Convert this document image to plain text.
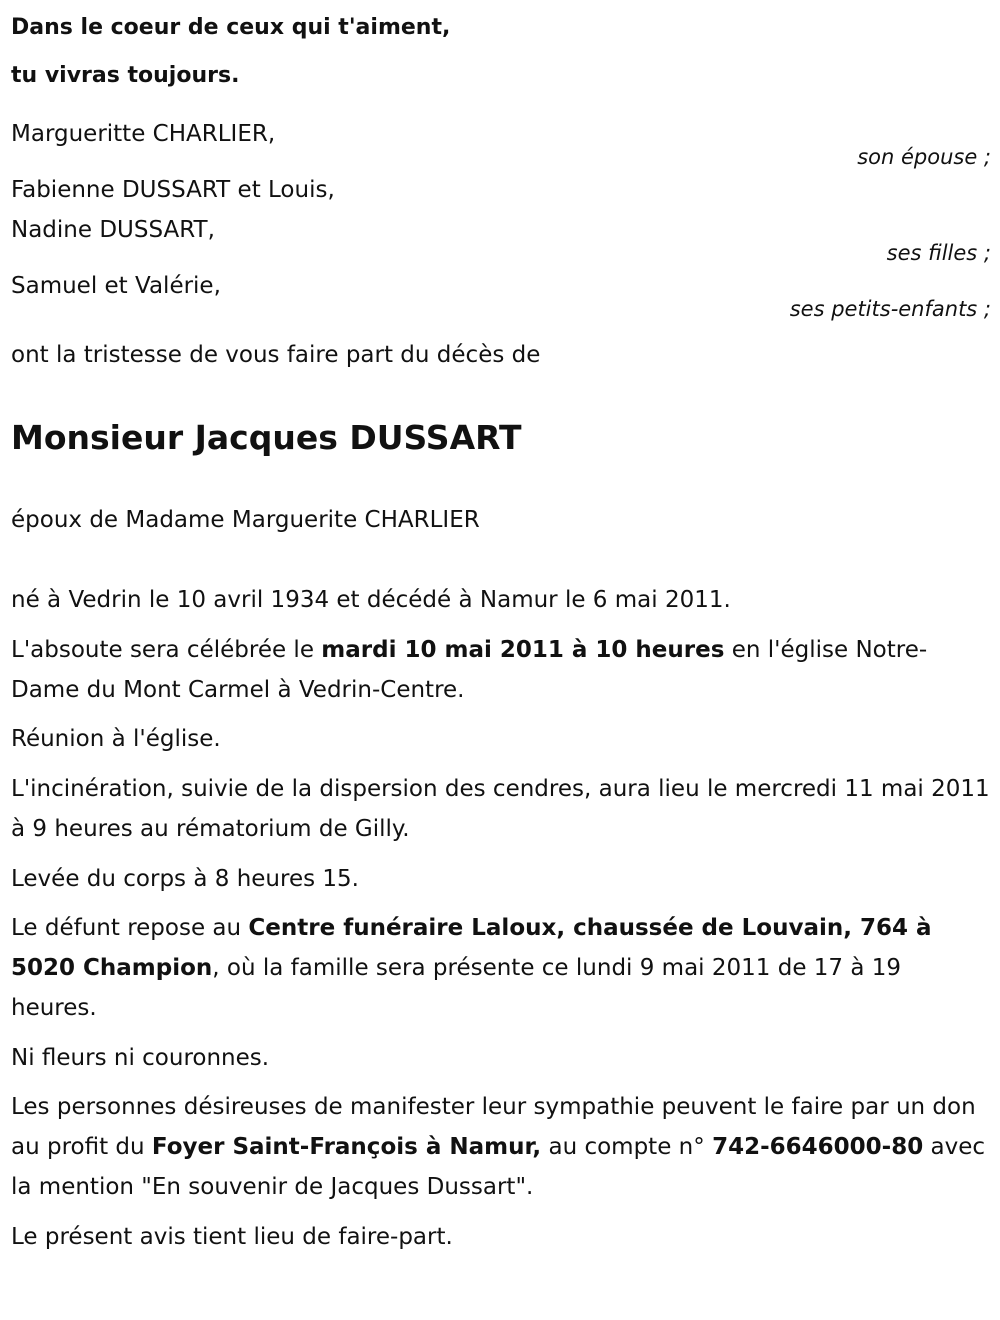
Dans le coeur de ceux qui t'aiment,
tu vivras toujours.
Margueritte CHARLIER,
son épouse ;
Fabienne DUSSART et Louis,
Nadine DUSSART,
ses filles ;
Samuel et Valérie,
ses petits-enfants ;
ont la tristesse de vous faire part du décès de
Monsieur Jacques DUSSART
époux de Madame Marguerite CHARLIER
né à Vedrin le 10 avril 1934 et décédé à Namur le 6 mai 2011.
L'absoute sera célébrée le mardi 10 mai 2011 à 10 heures en l'église Notre-Dame du Mont Carmel à Vedrin-Centre.
Réunion à l'église.
L'incinération, suivie de la dispersion des cendres, aura lieu le mercredi 11 mai 2011 à 9 heures au rématorium de Gilly.
Levée du corps à 8 heures 15.
Le défunt repose au Centre funéraire Laloux, chaussée de Louvain, 764 à 5020 Champion, où la famille sera présente ce lundi 9 mai 2011 de 17 à 19 heures.
Ni fleurs ni couronnes.
Les personnes désireuses de manifester leur sympathie peuvent le faire par un don au profit du Foyer Saint-François à Namur, au compte n° 742-6646000-80 avec la mention "En souvenir de Jacques Dussart".
Le présent avis tient lieu de faire-part.
